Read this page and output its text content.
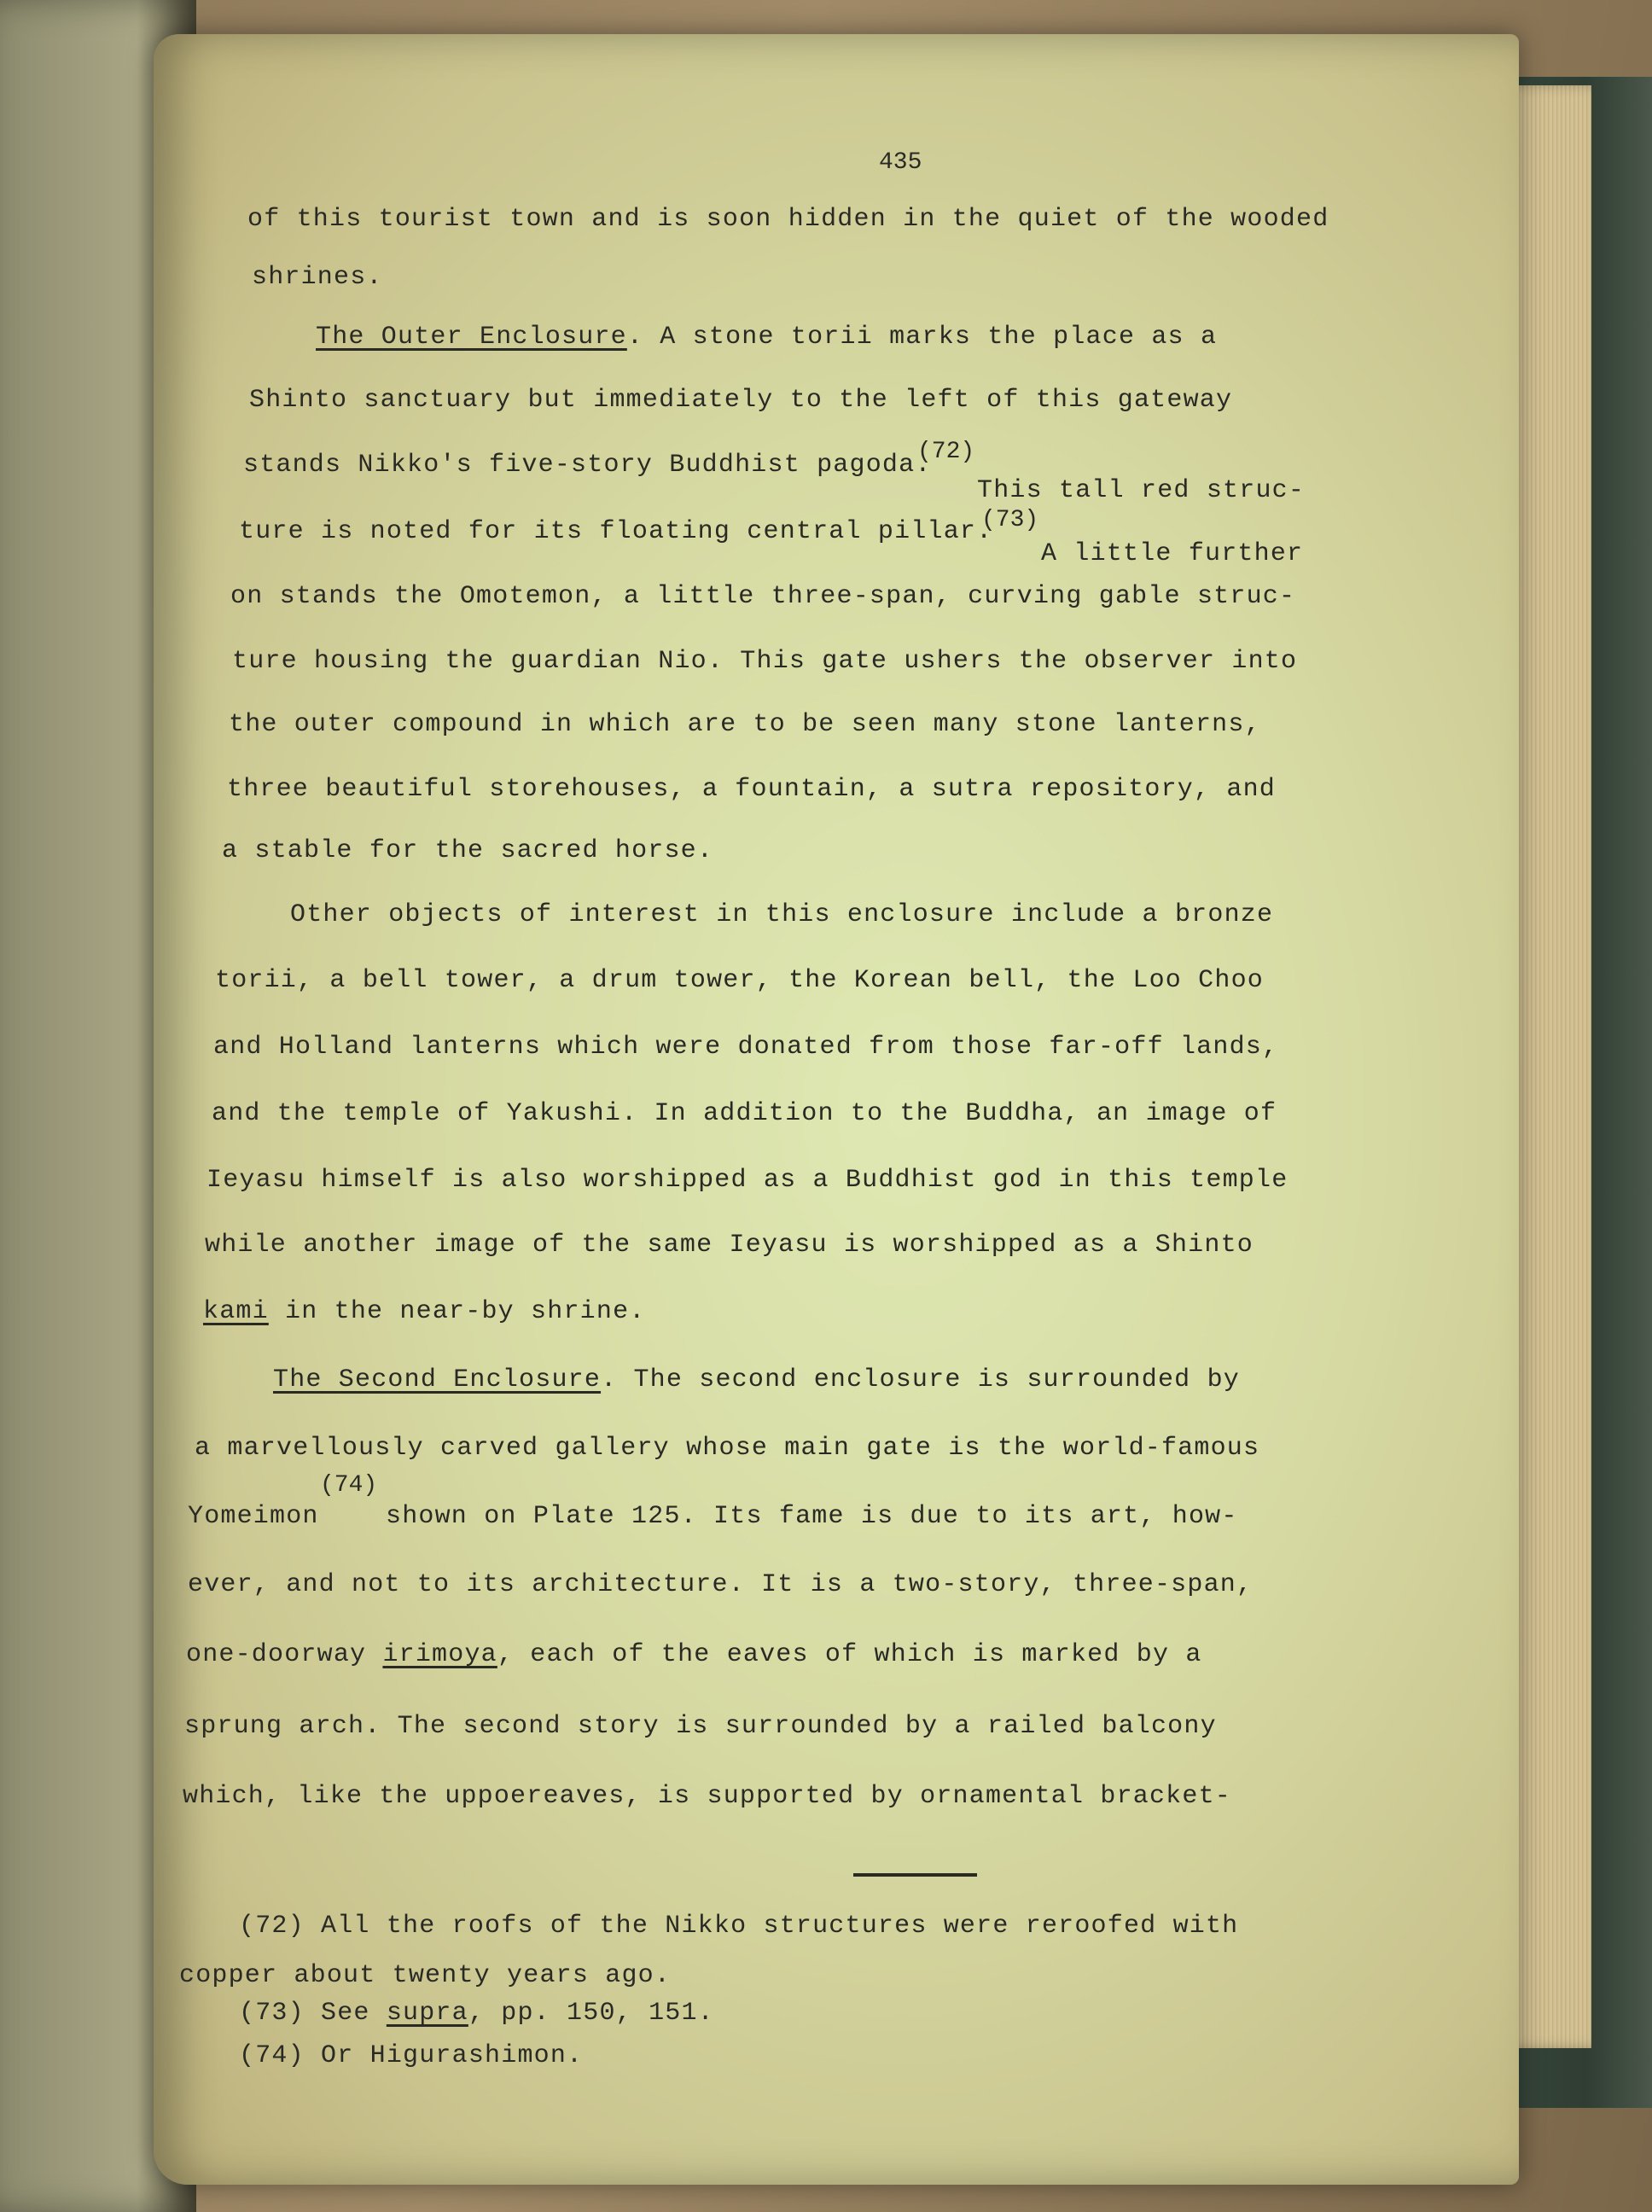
435
of this tourist town and is soon hidden in the quiet of the wooded
shrines.
The Outer Enclosure. A stone torii marks the place as a
Shinto sanctuary but immediately to the left of this gateway
(72)
stands Nikko's five-story Buddhist pagoda.
This tall red struc-
(73)
ture is noted for its floating central pillar.
A little further
on stands the Omotemon, a little three-span, curving gable struc-
ture housing the guardian Nio. This gate ushers the observer into
the outer compound in which are to be seen many stone lanterns,
three beautiful storehouses, a fountain, a sutra repository, and
a stable for the sacred horse.
Other objects of interest in this enclosure include a bronze
torii, a bell tower, a drum tower, the Korean bell, the Loo Choo
and Holland lanterns which were donated from those far-off lands,
and the temple of Yakushi. In addition to the Buddha, an image of
Ieyasu himself is also worshipped as a Buddhist god in this temple
while another image of the same Ieyasu is worshipped as a Shinto
kami in the near-by shrine.
The Second Enclosure. The second enclosure is surrounded by
a marvellously carved gallery whose main gate is the world-famous
(74)
Yomeimon	shown on Plate 125. Its fame is due to its art, how-
ever, and not to its architecture. It is a two-story, three-span,
one-doorway irimoya, each of the eaves of which is marked by a
sprung arch. The second story is surrounded by a railed balcony
which, like the uppoereaves, is supported by ornamental bracket-
(72) All the roofs of the Nikko structures were reroofed with
copper about twenty years ago.
(73) See supra, pp. 150, 151.
(74) Or Higurashimon.
